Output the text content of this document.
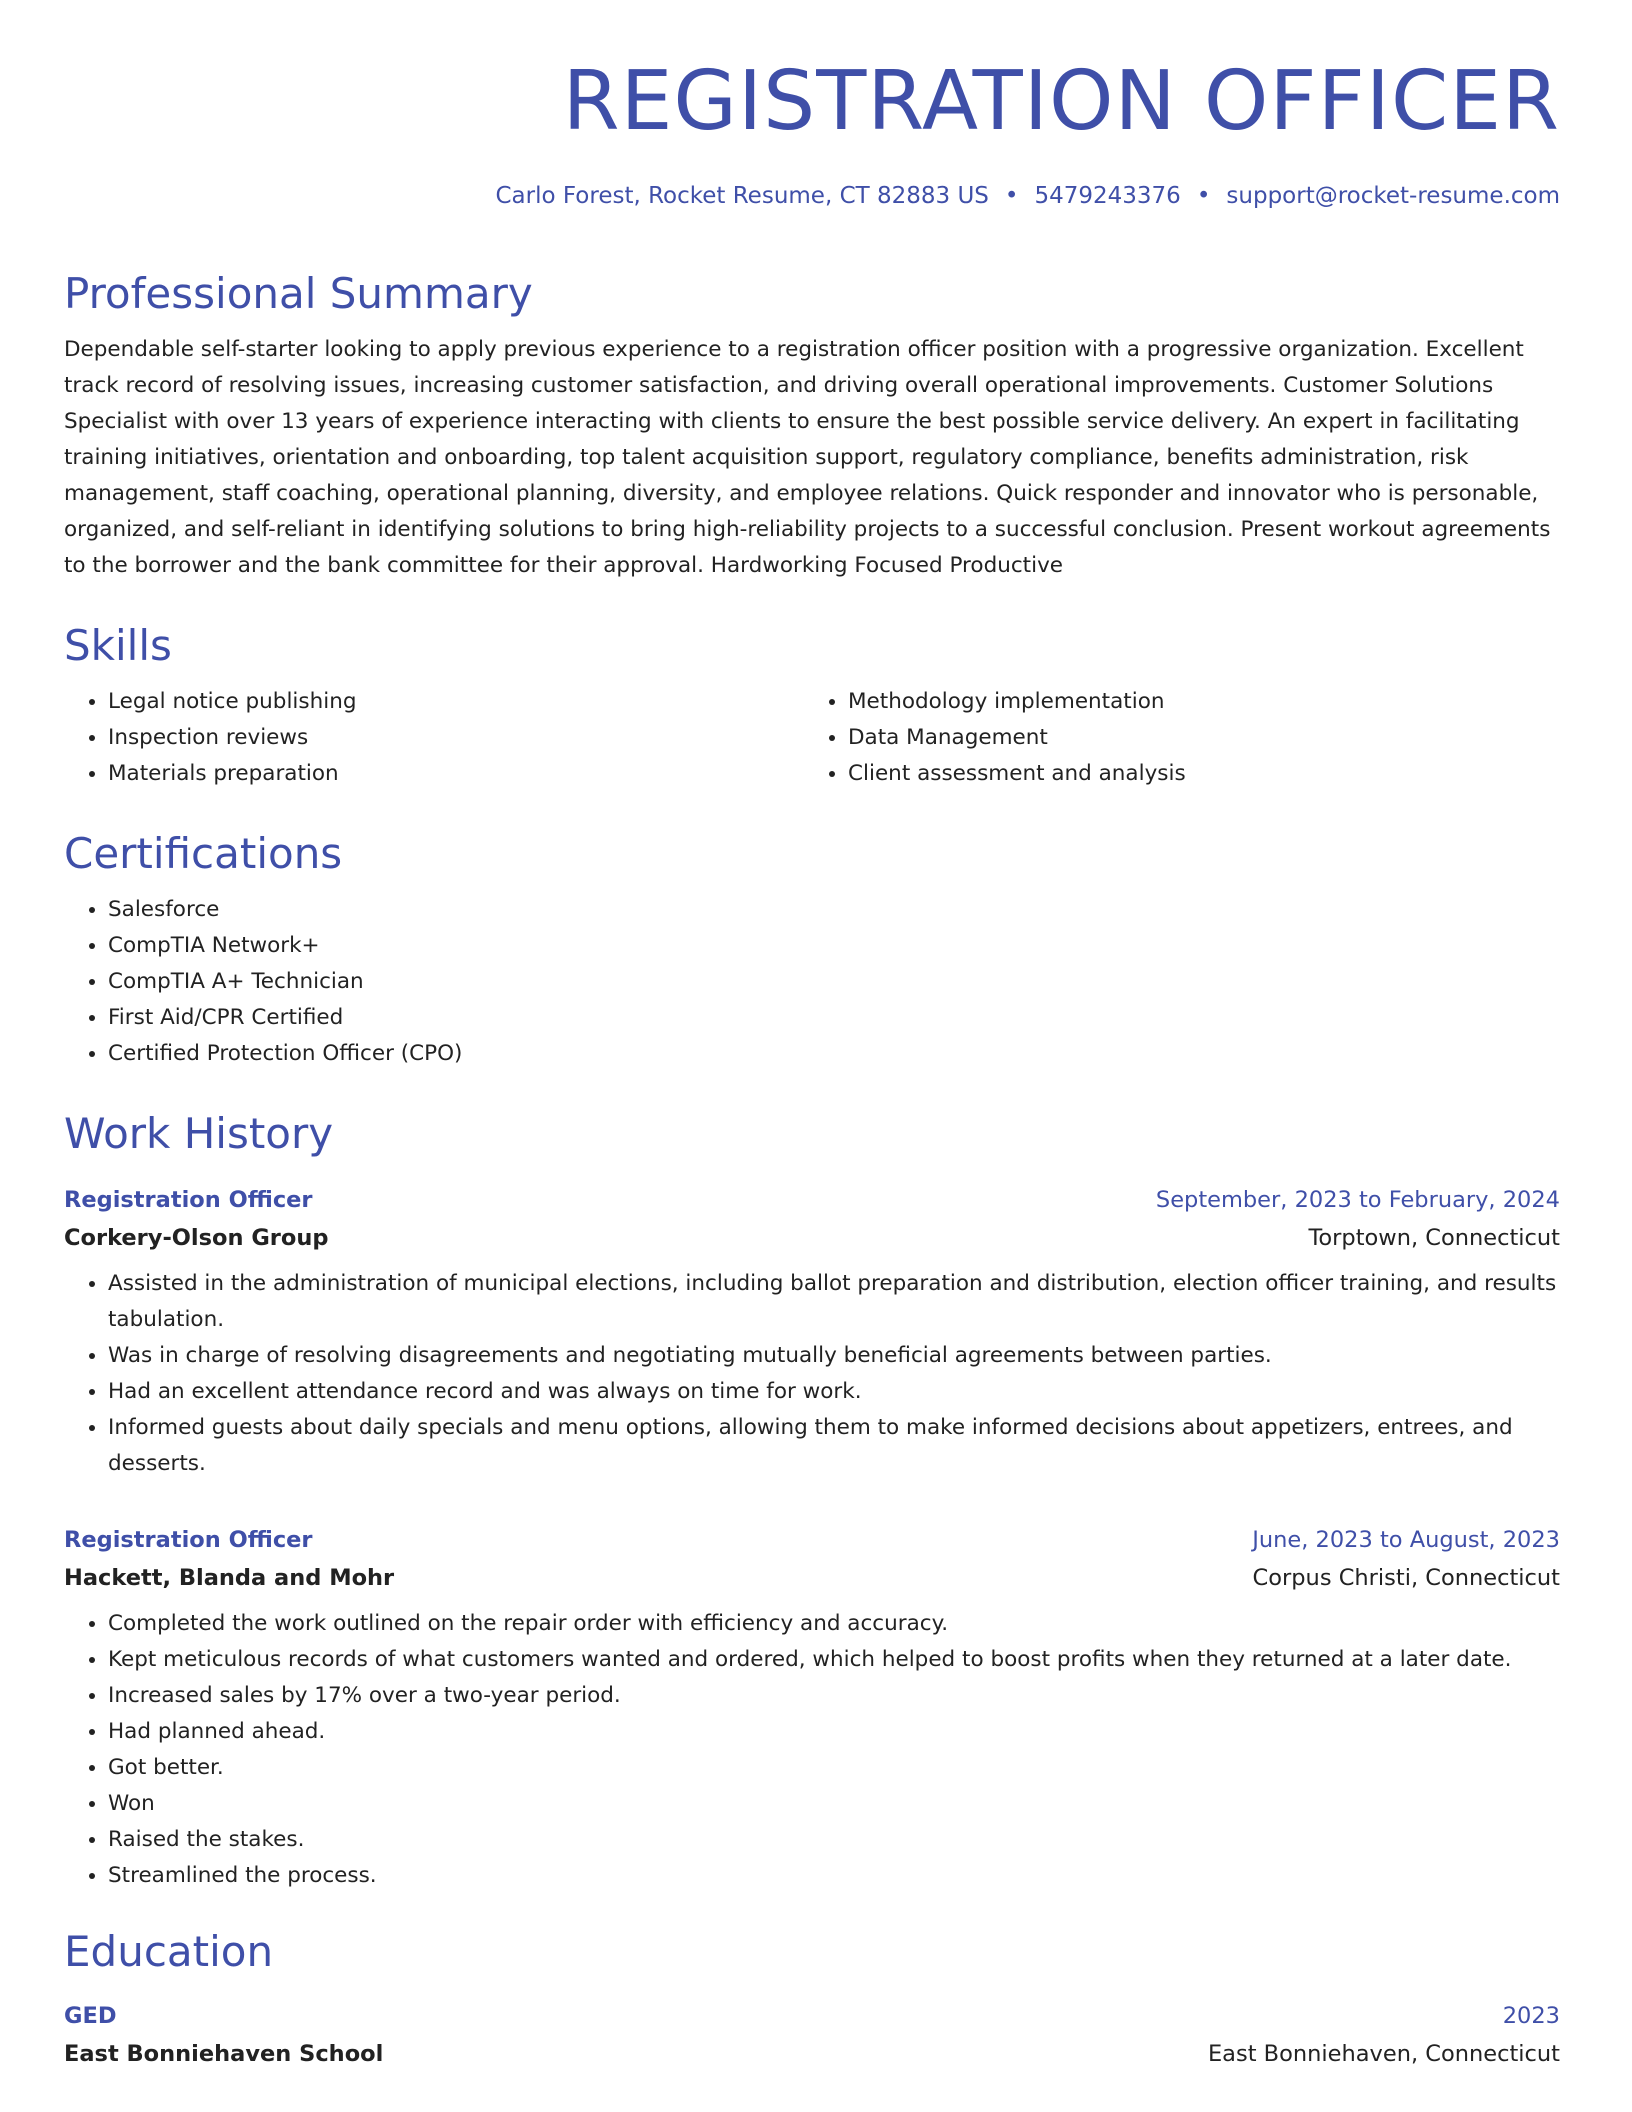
REGISTRATION OFFICER
Carlo Forest, Rocket Resume, CT 82883 US • 5479243376 • support@rocket-resume.com
Professional Summary
Dependable self-starter looking to apply previous experience to a registration officer position with a progressive organization. Excellent track record of resolving issues, increasing customer satisfaction, and driving overall operational improvements. Customer Solutions Specialist with over 13 years of experience interacting with clients to ensure the best possible service delivery. An expert in facilitating training initiatives, orientation and onboarding, top talent acquisition support, regulatory compliance, benefits administration, risk management, staff coaching, operational planning, diversity, and employee relations. Quick responder and innovator who is personable, organized, and self-reliant in identifying solutions to bring high-reliability projects to a successful conclusion. Present workout agreements to the borrower and the bank committee for their approval. Hardworking Focused Productive
Skills
• Legal notice publishing
• Inspection reviews
• Materials preparation
• Methodology implementation
• Data Management
• Client assessment and analysis
Certifications
• Salesforce
• CompTIA Network+
• CompTIA A+ Technician
• First Aid/CPR Certified
• Certified Protection Officer (CPO)
Work History
Registration Officer	September, 2023 to February, 2024
Corkery-Olson Group	Torptown, Connecticut
• Assisted in the administration of municipal elections, including ballot preparation and distribution, election officer training, and results tabulation.
• Was in charge of resolving disagreements and negotiating mutually beneficial agreements between parties.
• Had an excellent attendance record and was always on time for work.
• Informed guests about daily specials and menu options, allowing them to make informed decisions about appetizers, entrees, and desserts.
Registration Officer	June, 2023 to August, 2023
Hackett, Blanda and Mohr	Corpus Christi, Connecticut
• Completed the work outlined on the repair order with efficiency and accuracy.
• Kept meticulous records of what customers wanted and ordered, which helped to boost profits when they returned at a later date.
• Increased sales by 17% over a two-year period.
• Had planned ahead.
• Got better.
• Won
• Raised the stakes.
• Streamlined the process.
Education
GED	2023
East Bonniehaven School	East Bonniehaven, Connecticut
